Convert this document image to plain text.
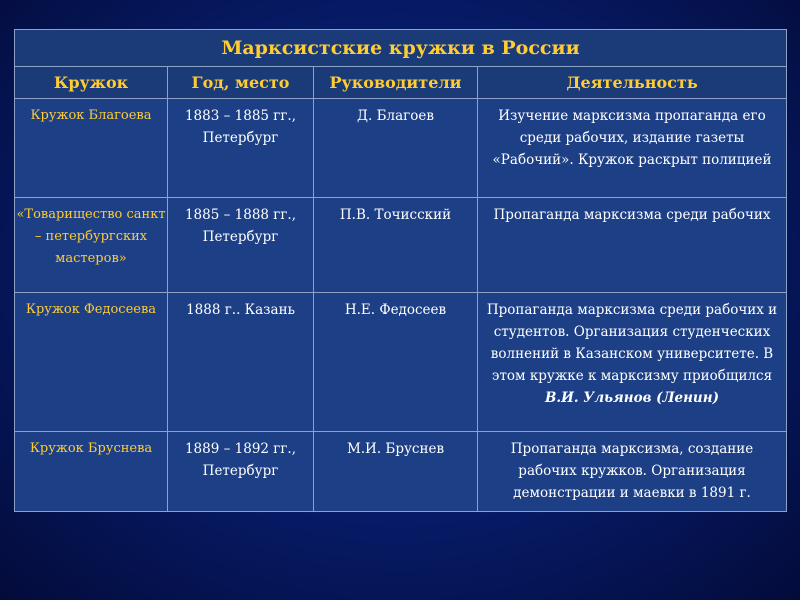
Марксистские кружки в России			
Кружок	Год, место	Руководители	Деятельность
Кружок Благоева	1883 – 1885 гг., Петербург	Д. Благоев	Изучение марксизма пропаганда его среди рабочих, издание газеты «Рабочий». Кружок раскрыт полицией
«Товарищество санкт – петербургских мастеров»	1885 – 1888 гг., Петербург	П.В. Точисский	Пропаганда марксизма среди рабочих
Кружок Федосеева	1888 г.. Казань	Н.Е. Федосеев	Пропаганда марксизма среди рабочих и студентов. Организация студенческих волнений в Казанском университете. В этом кружке к марксизму приобщился В.И. Ульянов (Ленин)
Кружок Бруснева	1889 – 1892 гг., Петербург	М.И. Бруснев	Пропаганда марксизма, создание рабочих кружков. Организация демонстрации и маевки в 1891 г.
